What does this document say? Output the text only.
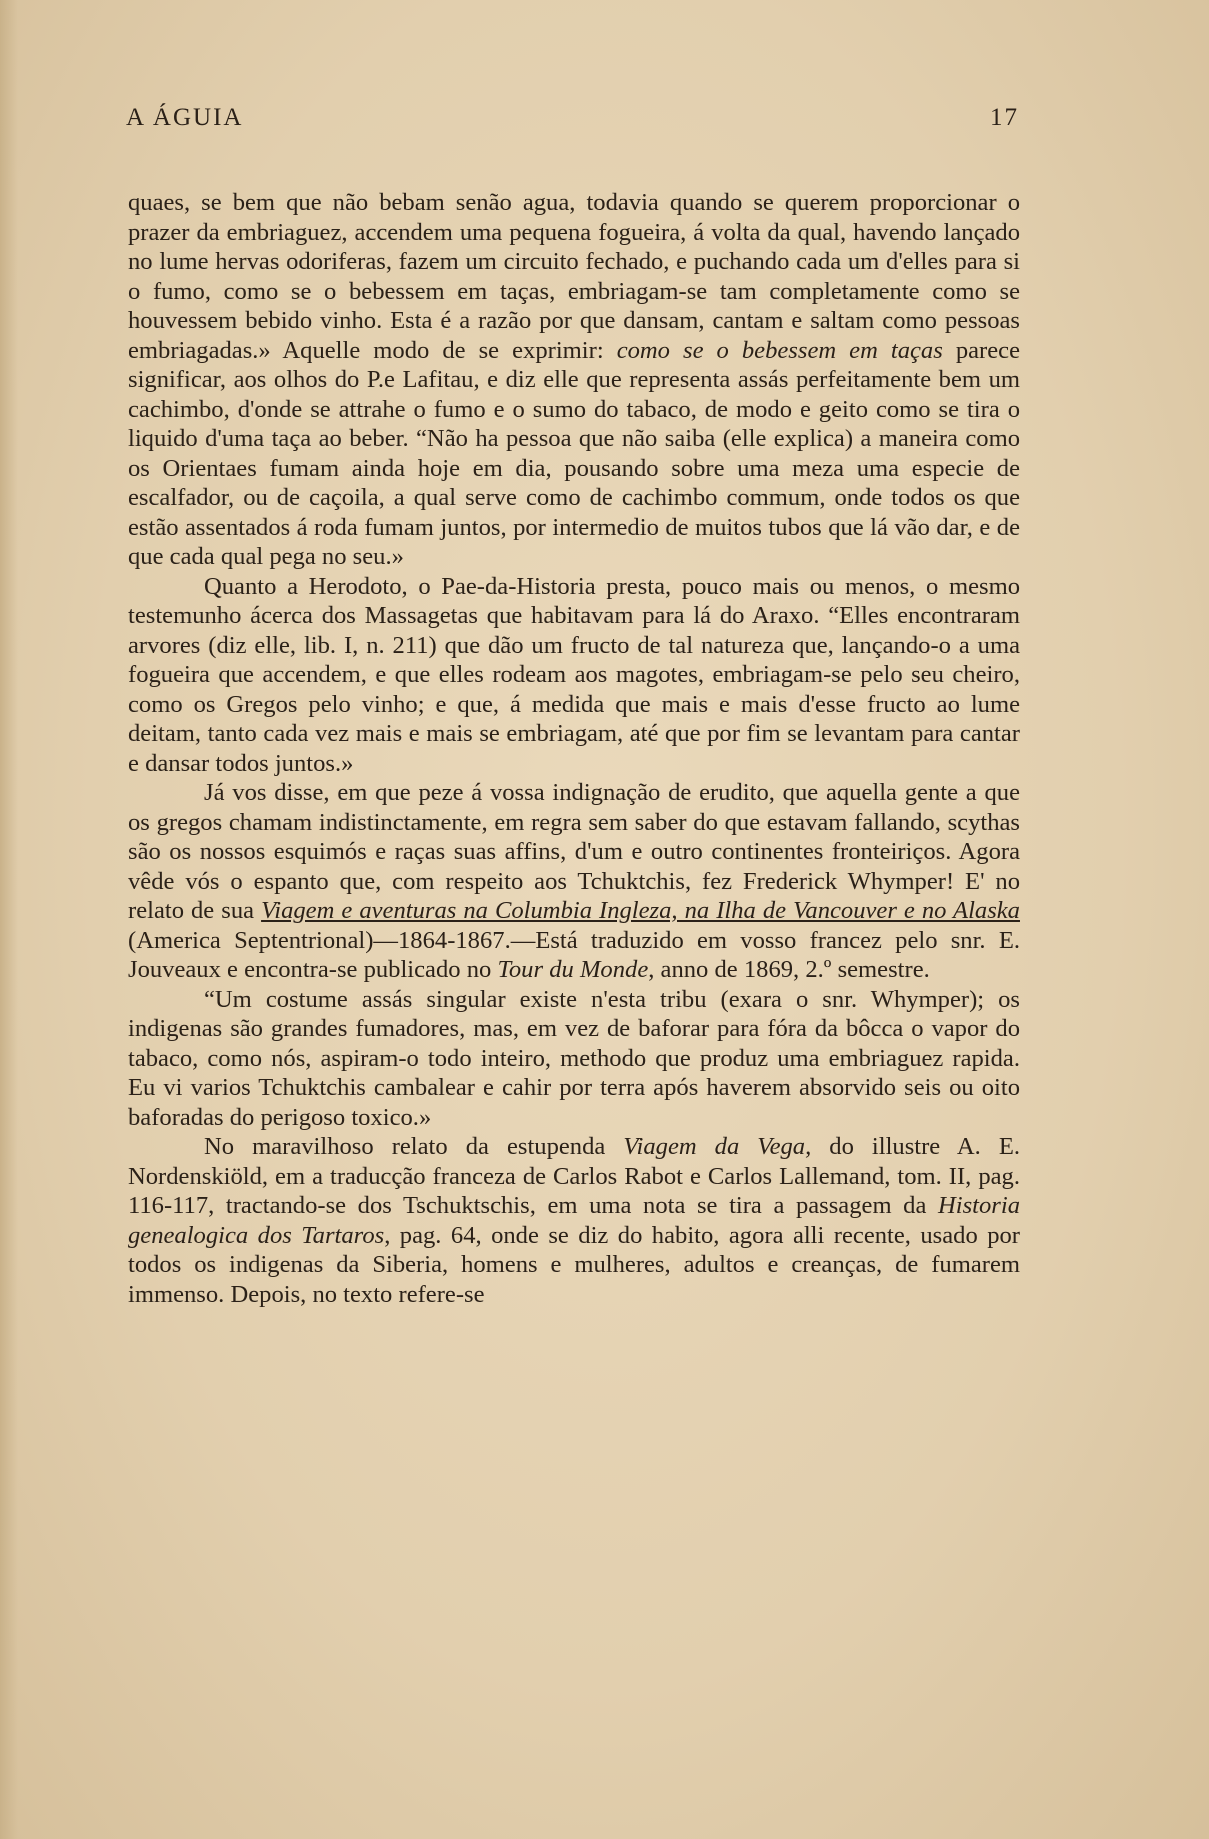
A ÁGUIA	17

quaes, se bem que não bebam senão agua, todavia quando se querem proporcionar o prazer da embriaguez, accendem uma pequena fogueira, á volta da qual, havendo lançado no lume hervas odoriferas, fazem um circuito fechado, e puchando cada um d'elles para si o fumo, como se o bebessem em taças, embriagam-se tam completamente como se houvessem bebido vinho. Esta é a razão por que dansam, cantam e saltam como pessoas embriagadas.» Aquelle modo de se exprimir: como se o bebessem em taças parece significar, aos olhos do P.e Lafitau, e diz elle que representa assás perfeitamente bem um cachimbo, d'onde se attrahe o fumo e o sumo do tabaco, de modo e geito como se tira o liquido d'uma taça ao beber. “Não ha pessoa que não saiba (elle explica) a maneira como os Orientaes fumam ainda hoje em dia, pousando sobre uma meza uma especie de escalfador, ou de caçoila, a qual serve como de cachimbo commum, onde todos os que estão assentados á roda fumam juntos, por intermedio de muitos tubos que lá vão dar, e de que cada qual pega no seu.»

Quanto a Herodoto, o Pae-da-Historia presta, pouco mais ou menos, o mesmo testemunho ácerca dos Massagetas que habitavam para lá do Araxo. “Elles encontraram arvores (diz elle, lib. I, n. 211) que dão um fructo de tal natureza que, lançando-o a uma fogueira que accendem, e que elles rodeam aos magotes, embriagam-se pelo seu cheiro, como os Gregos pelo vinho; e que, á medida que mais e mais d'esse fructo ao lume deitam, tanto cada vez mais e mais se embriagam, até que por fim se levantam para cantar e dansar todos juntos.»

Já vos disse, em que peze á vossa indignação de erudito, que aquella gente a que os gregos chamam indistinctamente, em regra sem saber do que estavam fallando, scythas são os nossos esquimós e raças suas affins, d'um e outro continentes fronteiriços. Agora vêde vós o espanto que, com respeito aos Tchuktchis, fez Frederick Whymper! E' no relato de sua Viagem e aventuras na Columbia Ingleza, na Ilha de Vancouver e no Alaska (America Septentrional)—1864-1867.—Está traduzido em vosso francez pelo snr. E. Jouveaux e encontra-se publicado no Tour du Monde, anno de 1869, 2.º semestre.

“Um costume assás singular existe n'esta tribu (exara o snr. Whymper); os indigenas são grandes fumadores, mas, em vez de baforar para fóra da bôcca o vapor do tabaco, como nós, aspiram-o todo inteiro, methodo que produz uma embriaguez rapida. Eu vi varios Tchuktchis cambalear e cahir por terra após haverem absorvido seis ou oito baforadas do perigoso toxico.»

No maravilhoso relato da estupenda Viagem da Vega, do illustre A. E. Nordenskiöld, em a traducção franceza de Carlos Rabot e Carlos Lallemand, tom. II, pag. 116-117, tractando-se dos Tschuktschis, em uma nota se tira a passagem da Historia genealogica dos Tartaros, pag. 64, onde se diz do habito, agora alli recente, usado por todos os indigenas da Siberia, homens e mulheres, adultos e creanças, de fumarem immenso. Depois, no texto refere-se
